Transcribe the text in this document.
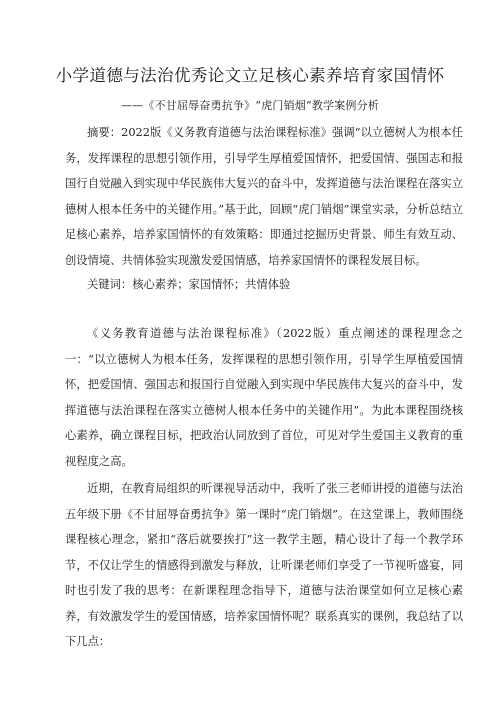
小学道德与法治优秀论文立足核心素养培育家国情怀
——《不甘屈辱奋勇抗争》“虎门销烟”教学案例分析

摘要：2022版《义务教育道德与法治课程标准》强调“以立德树人为根本任务，发挥课程的思想引领作用，引导学生厚植爱国情怀，把爱国情、强国志和报国行自觉融入到实现中华民族伟大复兴的奋斗中，发挥道德与法治课程在落实立德树人根本任务中的关键作用。”基于此，回顾“虎门销烟”课堂实录，分析总结立足核心素养，培养家国情怀的有效策略：即通过挖掘历史背景、师生有效互动、创设情境、共情体验实现激发爱国情感，培养家国情怀的课程发展目标。

关键词：核心素养；家国情怀；共情体验

《义务教育道德与法治课程标准》（2022版）重点阐述的课程理念之一：“以立德树人为根本任务，发挥课程的思想引领作用，引导学生厚植爱国情怀，把爱国情、强国志和报国行自觉融入到实现中华民族伟大复兴的奋斗中，发挥道德与法治课程在落实立德树人根本任务中的关键作用”。为此本课程围绕核心素养，确立课程目标，把政治认同放到了首位，可见对学生爱国主义教育的重视程度之高。

近期，在教育局组织的听课视导活动中，我听了张三老师讲授的道德与法治五年级下册《不甘屈辱奋勇抗争》第一课时“虎门销烟”。在这堂课上，教师围绕课程核心理念，紧扣“落后就要挨打”这一教学主题，精心设计了每一个教学环节，不仅让学生的情感得到激发与释放，让听课老师们享受了一节视听盛宴，同时也引发了我的思考：在新课程理念指导下，道德与法治课堂如何立足核心素养，有效激发学生的爱国情感，培养家国情怀呢？联系真实的课例，我总结了以下几点：
